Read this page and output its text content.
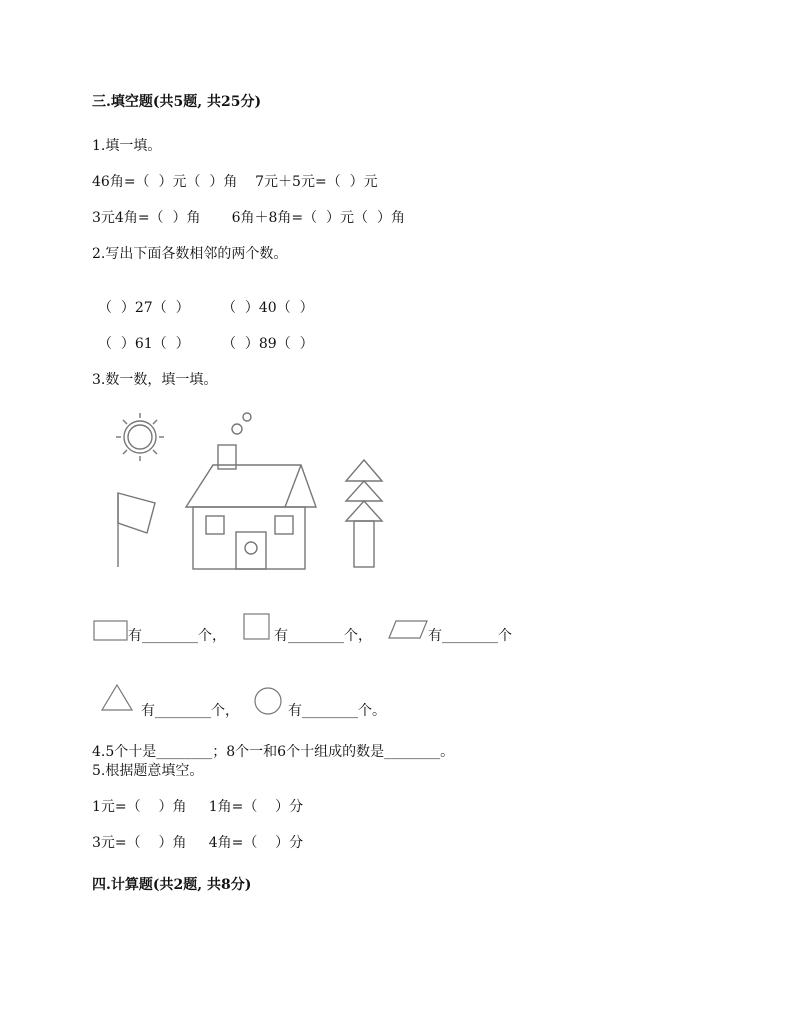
三.填空题(共5题, 共25分)
1.填一填。
46角=（  ）元（  ）角    7元＋5元=（  ）元
3元4角=（  ）角       6角＋8角=（  ）元（  ）角
2.写出下面各数相邻的两个数。
（  ）27（  ） （  ）40（  ）
（  ）61（  ） （  ）89（  ）
3.数一数，填一填。
有________个，	有________个，	有________个
有________个，	有________个。
4.5个十是________；8个一和6个十组成的数是________。
5.根据题意填空。
1元=（    ）角     1角=（    ）分
3元=（    ）角     4角=（    ）分
四.计算题(共2题, 共8分)
